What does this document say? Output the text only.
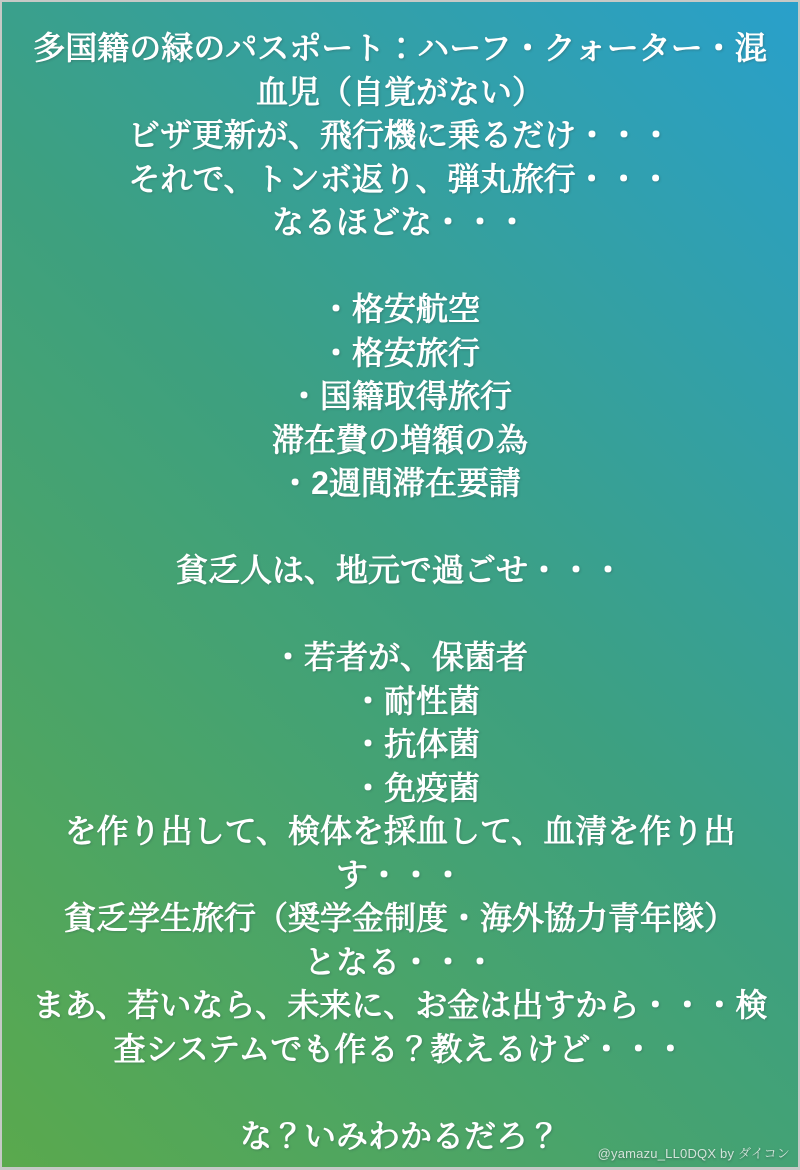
多国籍の緑のパスポート：ハーフ・クォーター・混
血児（自覚がない）
ビザ更新が、飛行機に乗るだけ・・・
それで、トンボ返り、弾丸旅行・・・
なるほどな・・・
・格安航空
・格安旅行
・国籍取得旅行
滞在費の増額の為
・2週間滞在要請
貧乏人は、地元で過ごせ・・・
・若者が、保菌者
　・耐性菌
　・抗体菌
　・免疫菌
を作り出して、検体を採血して、血清を作り出
す・・・
貧乏学生旅行（奨学金制度・海外協力青年隊）
となる・・・
まあ、若いなら、未来に、お金は出すから・・・検
査システムでも作る？教えるけど・・・
な？いみわかるだろ？	@yamazu_LL0DQX by ダイコン
